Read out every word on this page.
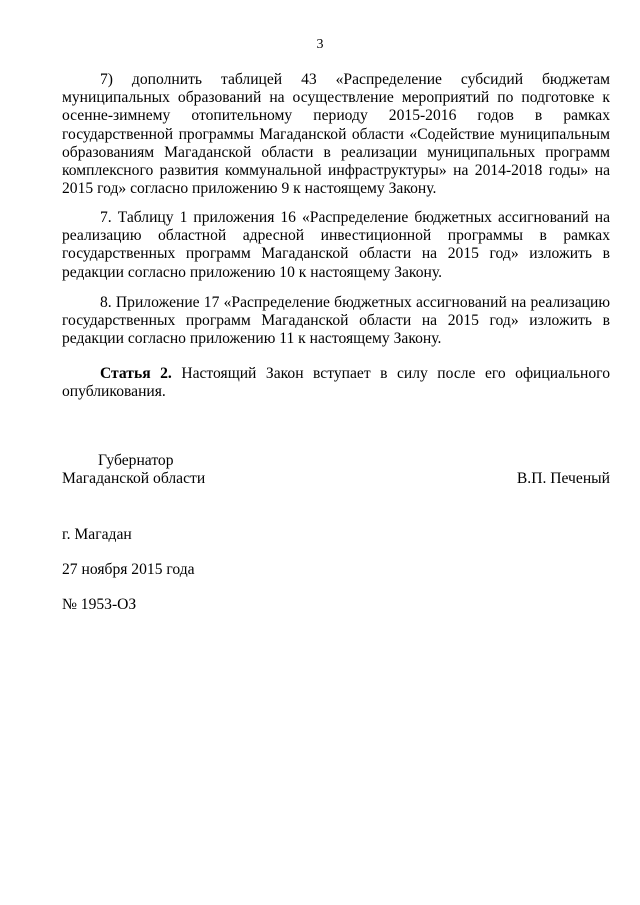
3
7) дополнить таблицей 43 «Распределение субсидий бюджетам муниципальных образований на осуществление мероприятий по подготовке к осенне-зимнему отопительному периоду 2015-2016 годов в рамках государственной программы Магаданской области «Содействие муниципальным образованиям Магаданской области в реализации муниципальных программ комплексного развития коммунальной инфраструктуры» на 2014-2018 годы» на 2015 год» согласно приложению 9 к настоящему Закону.
7. Таблицу 1 приложения 16 «Распределение бюджетных ассигнований на реализацию областной адресной инвестиционной программы в рамках государственных программ Магаданской области на 2015 год» изложить в редакции согласно приложению 10 к настоящему Закону.
8. Приложение 17 «Распределение бюджетных ассигнований на реализацию государственных программ Магаданской области на 2015 год» изложить в редакции согласно приложению 11 к настоящему Закону.
Статья 2. Настоящий Закон вступает в силу после его официального опубликования.
Губернатор
Магаданской области	В.П. Печеный
г. Магадан
27 ноября 2015 года
№ 1953-ОЗ
